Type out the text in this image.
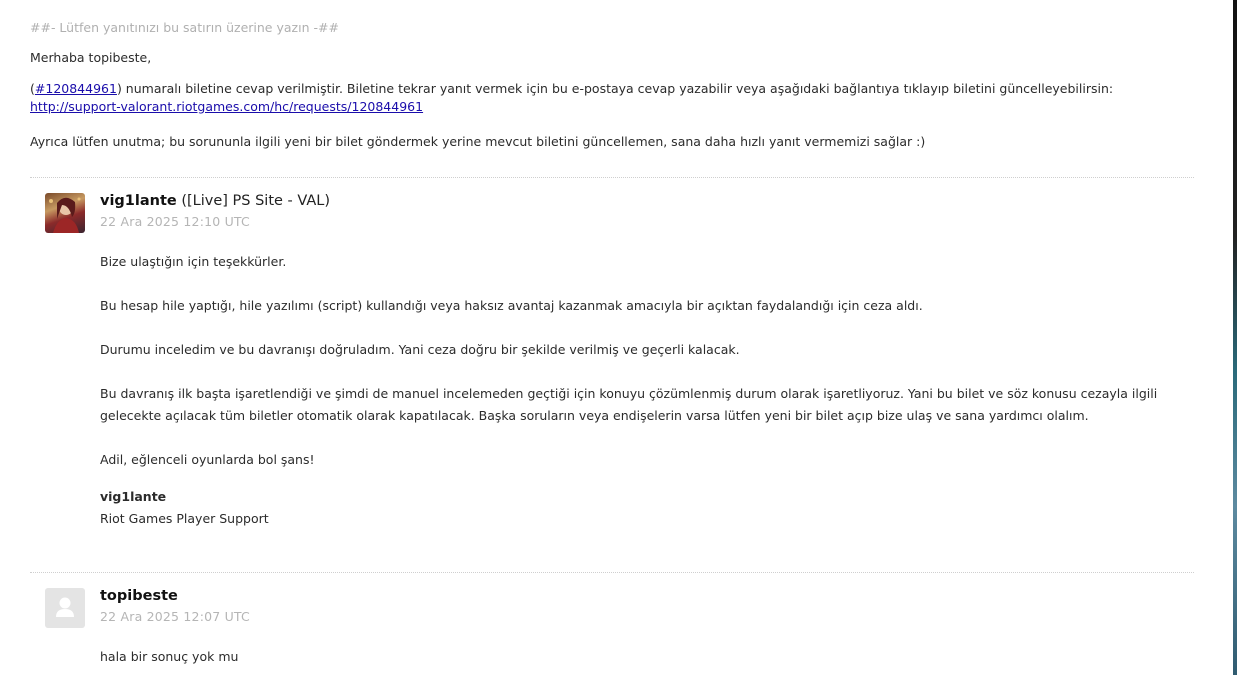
##- Lütfen yanıtınızı bu satırın üzerine yazın -##
Merhaba topibeste,
(#120844961) numaralı biletine cevap verilmiştir. Biletine tekrar yanıt vermek için bu e-postaya cevap yazabilir veya aşağıdaki bağlantıya tıklayıp biletini güncelleyebilirsin:
http://support-valorant.riotgames.com/hc/requests/120844961
Ayrıca lütfen unutma; bu sorununla ilgili yeni bir bilet göndermek yerine mevcut biletini güncellemen, sana daha hızlı yanıt vermemizi sağlar :)
vig1lante ([Live] PS Site - VAL)
22 Ara 2025 12:10 UTC

Bize ulaştığın için teşekkürler.

Bu hesap hile yaptığı, hile yazılımı (script) kullandığı veya haksız avantaj kazanmak amacıyla bir açıktan faydalandığı için ceza aldı.

Durumu inceledim ve bu davranışı doğruladım. Yani ceza doğru bir şekilde verilmiş ve geçerli kalacak.

Bu davranış ilk başta işaretlendiği ve şimdi de manuel incelemeden geçtiği için konuyu çözümlenmiş durum olarak işaretliyoruz. Yani bu bilet ve söz konusu cezayla ilgili gelecekte açılacak tüm biletler otomatik olarak kapatılacak. Başka soruların veya endişelerin varsa lütfen yeni bir bilet açıp bize ulaş ve sana yardımcı olalım.

Adil, eğlenceli oyunlarda bol şans!

vig1lante

Riot Games Player Support

topibeste
22 Ara 2025 12:07 UTC

hala bir sonuç yok mu
